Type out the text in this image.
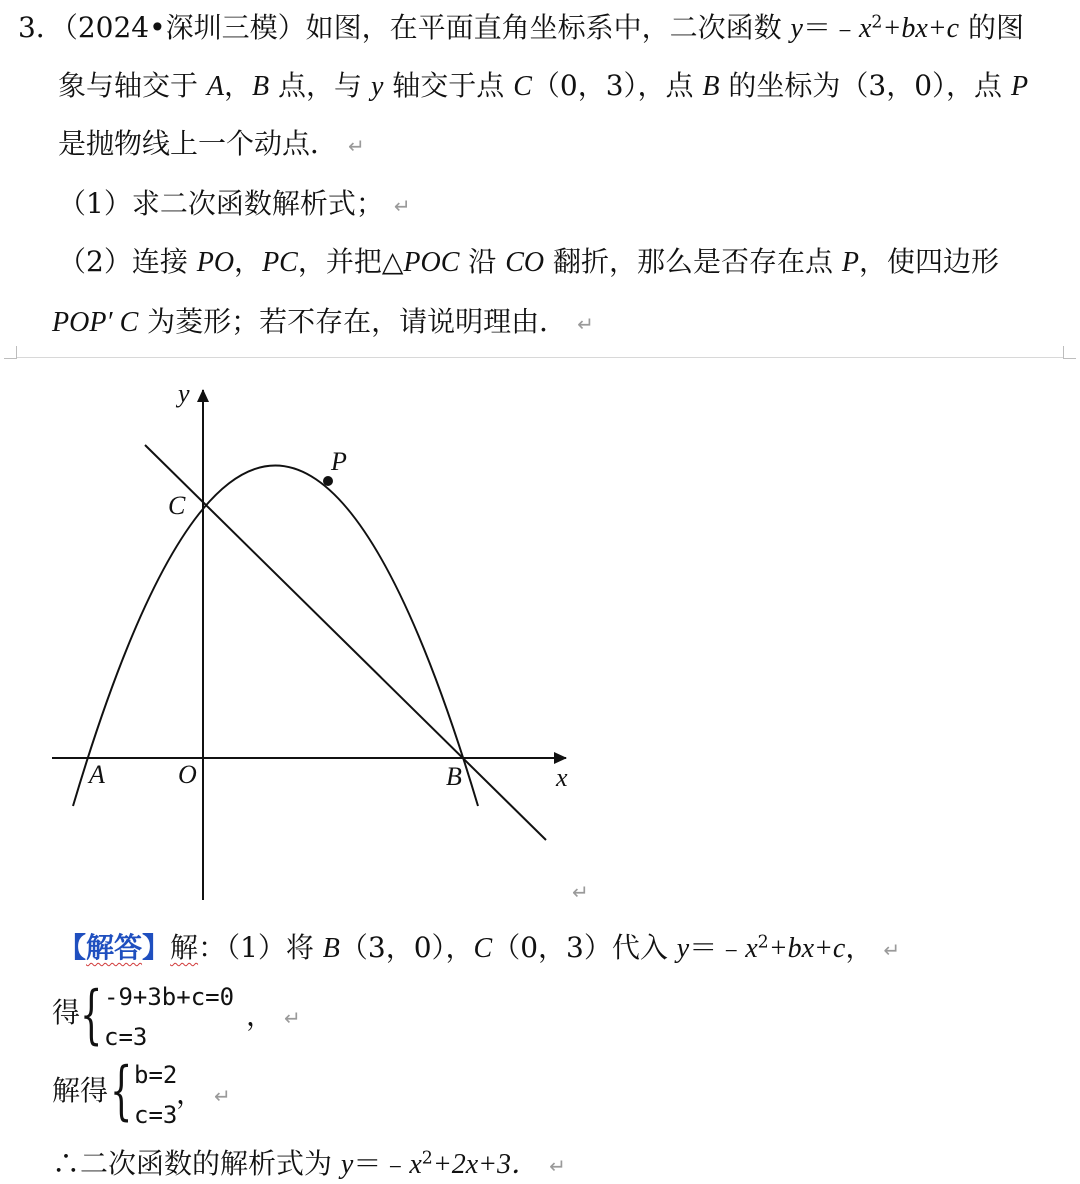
3．（2024•深圳三模）如图，在平面直角坐标系中，二次函数 $y=﹣x^2+bx+c$ 的图
象与轴交于 A，B 点，与 y 轴交于点 C（0，3），点 B 的坐标为（3，0），点 P
是抛物线上一个动点． ↵
（1）求二次函数解析式； ↵
（2）连接 PO，PC，并把△POC 沿 CO 翻折，那么是否存在点 P，使四边形
POP′ C 为菱形；若不存在，请说明理由． ↵
y
x
O
A	B
C
P
↵
【解答】解：（1）将 B（3，0），C（0，3）代入 $y=﹣x^2+bx+c$， ↵
得 { -9+3b+c=0
c=3
， ↵
解得 { b=2
c=3
， ↵
∴二次函数的解析式为 $y=﹣x^2+2x+3$． ↵
